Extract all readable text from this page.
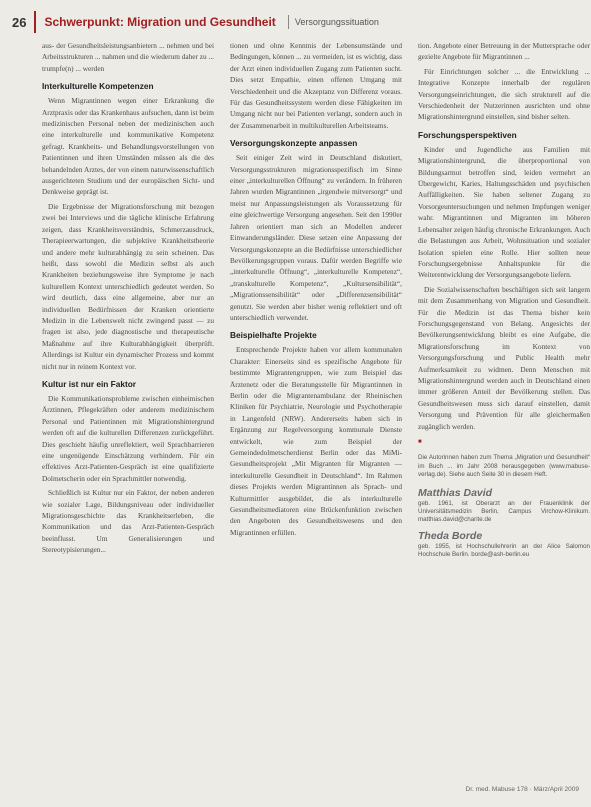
26 Schwerpunkt: Migration und Gesundheit Versorgungssituation

aus- der Gesundheitsleistungsanbietern ... nehmen und bei Arbeitsstrukturen ... nahmen und die wiederum daher zu ... trumpfe(n) ... werden

Interkulturelle Kompetenzen

Wenn Migrantinnen wegen einer Erkrankung die Arztpraxis oder das Krankenhaus aufsuchen, dann ist beim medizinischen Personal neben der medizinischen auch eine interkulturelle und kommunikative Kompetenz gefragt. Krankheits- und Behandlungsvorstellungen von Patientinnen und ihren Umständen müssen als die des behandelnden Arztes, der von einem naturwissenschaftlich ausgerichteten Studium und der europäischen Sicht- und Denkweise geprägt ist.

Die Ergebnisse der Migrationsforschung mit bezogen zwei bei Interviews und die tägliche klinische Erfahrung zeigen, dass Krankheitsverständnis, Schmerzausdruck, Therapieerwartungen, die subjektive Krankheitstheorie und andere mehr kulturabhängig zu sein scheinen. Das heißt, dass sowohl die Medizin selbst als auch Krankheiten beziehungsweise ihre Symptome je nach kulturellem Kontext unterschiedlich gedeutet werden. So wird deutlich, dass eine allgemeine, aber nur an individuellen Bedürfnissen der Kranken orientierte Medizin in die Lebenswelt nicht zwingend passt — zu fragen ist also, jede diagnostische und therapeutische Maßnahme auf ihre Kulturabhängigkeit überprüft. Allerdings ist Kultur ein dynamischer Prozess und kommt nicht nur in reinem Kontext vor.

Kultur ist nur ein Faktor

Die Kommunikationsprobleme zwischen einheimischen Ärztinnen, Pflegekräften oder anderem medizinischem Personal und Patientinnen mit Migrationshintergrund werden oft auf die kulturellen Differenzen zurückgeführt. Dies geschieht häufig unreflektiert, weil Sprachbarrieren eine ungenügende Einschätzung verhindern. Für ein effektives Arzt-Patienten-Gespräch ist eine qualifizierte Dolmetscherin oder ein Sprachmittler notwendig.

Schließlich ist Kultur nur ein Faktor, der neben anderen wie sozialer Lage, Bildungsniveau oder individueller Migrationsgeschichte das Krankheitserleben, die Kommunikation und das Arzt-Patienten-Gespräch beeinflusst. Um Generalisierungen und Stereotypisierungen...

tionen und ohne Kenntnis der Lebensumstände und Bedingungen, können ... zu vermeiden, ist es wichtig, dass der Arzt einen individuellen Zugang zum Patienten sucht. Dies setzt Empathie, einen offenen Umgang mit Verschiedenheit und die Akzeptanz von Differenz voraus. Für das Gesundheitssystem werden diese Fähigkeiten im Umgang nicht nur bei Patienten verlangt, sondern auch in der Zusammenarbeit in multikulturellen Arbeitsteams.

Versorgungskonzepte anpassen

Seit einiger Zeit wird in Deutschland diskutiert, Versorgungsstrukturen migrationsspezifisch im Sinne einer „interkulturellen Öffnung“ zu verändern. In früheren Jahren wurden Migrantinnen „irgendwie mitversorgt“ und meist nur Anpassungsleistungen als Voraussetzung für eine gleichwertige Versorgung angesehen. Seit den 1990er Jahren orientiert man sich an Modellen anderer Einwanderungsländer. Diese setzen eine Anpassung der Versorgungskonzepte an die Bedürfnisse unterschiedlicher Bevölkerungsgruppen voraus. Dafür werden Begriffe wie „interkulturelle Öffnung“, „interkulturelle Kompetenz“, „transkulturelle Kompetenz“, „Kultursensibilität“, „Migrationssensibilität“ oder „Differenzsensibilität“ genutzt. Sie werden aber bisher wenig reflektiert und oft unterschiedlich verwendet.

Beispielhafte Projekte

Entsprechende Projekte haben vor allem kommunalen Charakter: Einerseits sind es spezifische Angebote für bestimmte Migrantengruppen, wie zum Beispiel das Ärztenetz oder die Beratungsstelle für Migrantinnen in Berlin oder die Migrantenambulanz der Rheinischen Kliniken für Psychiatrie, Neurologie und Psychotherapie in Langenfeld (NRW). Andererseits haben sich in Ergänzung zur Regelversorgung kommunale Dienste entwickelt, wie zum Beispiel der Gemeindedolmetscherdienst Berlin oder das MiMi-Gesundheitsprojekt „Mit Migranten für Migranten — interkulturelle Gesundheit in Deutschland“. Im Rahmen dieses Projekts werden Migrantinnen als Sprach- und Kulturmittler ausgebildet, die als interkulturelle Gesundheitsmediatoren eine Brückenfunktion zwischen den Angeboten des Gesundheitswesens und den Migrantinnen erfüllen.

tion. Angebote einer Betreuung in der Muttersprache oder gezielte Angebote für Migrantinnen ...

Für Einrichtungen solcher ... die Entwicklung ... Integrative Konzepte innerhalb der regulären Versorgungseinrichtungen, die sich strukturell auf die Verschiedenheit der Nutzerinnen ausrichten und ohne Migrationshintergrund einstellen, sind bisher selten.

Forschungsperspektiven

Kinder und Jugendliche aus Familien mit Migrationshintergrund, die überproportional von Bildungsarmut betroffen sind, leiden vermehrt an Übergewicht, Karies, Haltungsschäden und psychischen Auffälligkeiten. Sie haben seltener Zugang zu Vorsorgeuntersuchungen und nehmen Impfungen weniger wahr. Migrantinnen und Migranten im höheren Lebensalter zeigen häufig chronische Erkrankungen. Auch die Belastungen aus Arbeit, Wohnsituation und sozialer Isolation spielen eine Rolle. Hier sollten neue Forschungsergebnisse Anhaltspunkte für die Weiterentwicklung der Versorgungsangebote liefern.

Die Sozialwissenschaften beschäftigen sich seit langem mit dem Zusammenhang von Migration und Gesundheit. Für die Medizin ist das Thema bisher kein Forschungsgegenstand von Belang. Angesichts der Bevölkerungsentwicklung bleibt es eine Aufgabe, die Migrationsforschung im Kontext von Versorgungsforschung und Public Health mehr Aufmerksamkeit zu widmen. Denn Menschen mit Migrationshintergrund werden auch in Deutschland einen immer größeren Anteil der Bevölkerung stellen. Das Gesundheitswesen muss sich darauf einstellen, damit Versorgung und Prävention für alle gleichermaßen zugänglich werden.

■
Die Autorinnen haben zum Thema „Migration und Gesundheit“ im Buch ... im Jahr 2008 herausgegeben (www.mabuse-verlag.de). Siehe auch Seite 30 in diesem Heft.
Matthias David
geb. 1961, ist Oberarzt an der Frauenklinik der Universitätsmedizin Berlin, Campus Virchow-Klinikum. matthias.david@charite.de
Theda Borde
geb. 1955, ist Hochschullehrerin an der Alice Salomon Hochschule Berlin. borde@ash-berlin.eu
Dr. med. Mabuse 178 · März/April 2009
